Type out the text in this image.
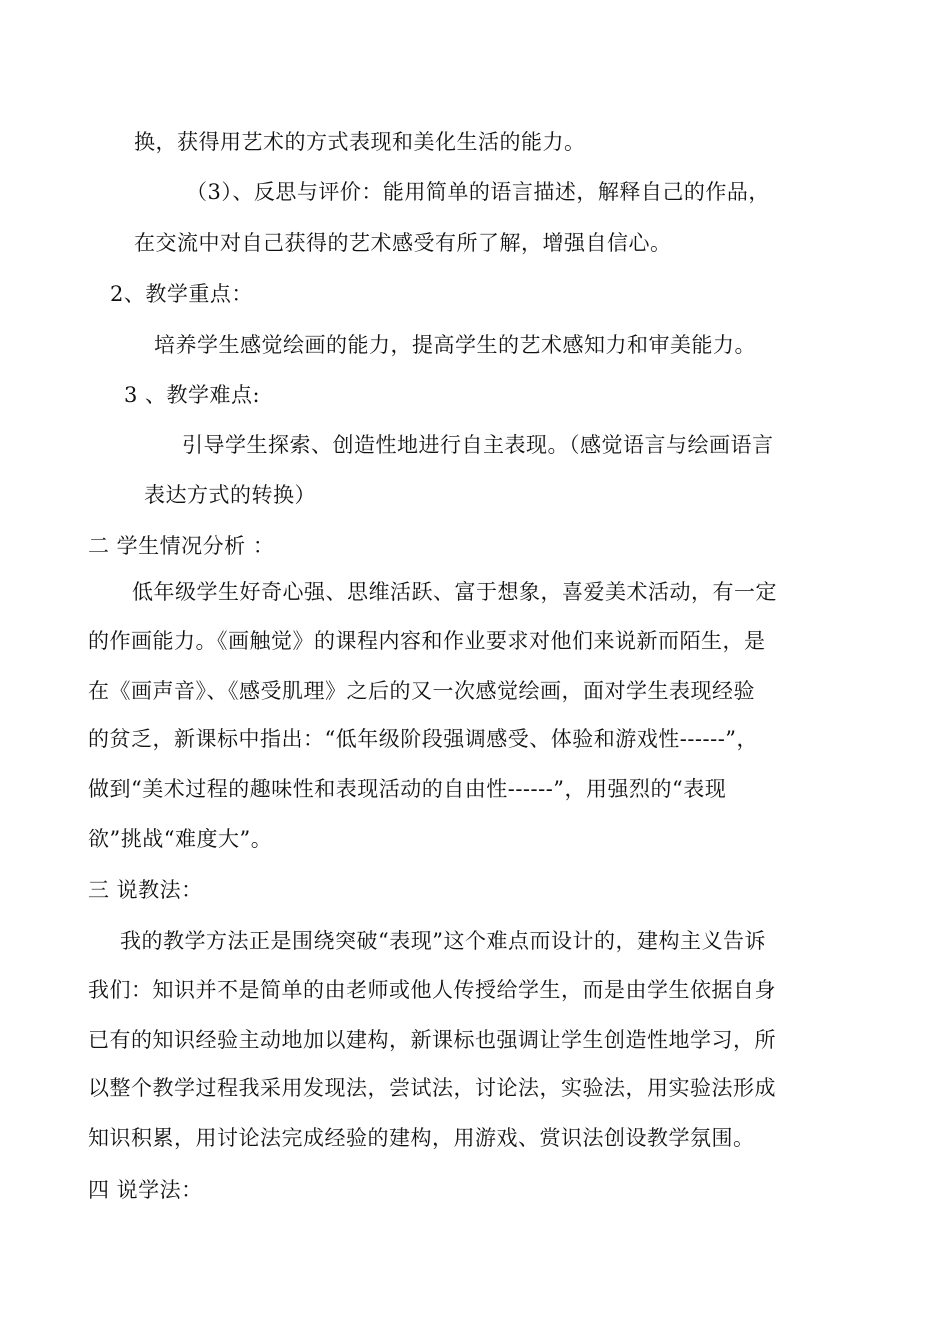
换，获得用艺术的方式表现和美化生活的能力。
（3）、反思与评价：能用简单的语言描述，解释自己的作品，
在交流中对自己获得的艺术感受有所了解，增强自信心。
2、教学重点：
培养学生感觉绘画的能力，提高学生的艺术感知力和审美能力。
3 、教学难点:
引导学生探索、创造性地进行自主表现。（感觉语言与绘画语言
表达方式的转换）
二 学生情况分析 ：
低年级学生好奇心强、思维活跃、富于想象，喜爱美术活动，有一定
的作画能力。《画触觉》的课程内容和作业要求对他们来说新而陌生，是
在《画声音》、《感受肌理》之后的又一次感觉绘画，面对学生表现经验
的贫乏，新课标中指出：“低年级阶段强调感受、体验和游戏性------”，
做到“美术过程的趣味性和表现活动的自由性------”，用强烈的“表现
欲”挑战“难度大”。
三 说教法：
我的教学方法正是围绕突破“表现”这个难点而设计的，建构主义告诉
我们：知识并不是简单的由老师或他人传授给学生，而是由学生依据自身
已有的知识经验主动地加以建构，新课标也强调让学生创造性地学习，所
以整个教学过程我采用发现法，尝试法，讨论法，实验法，用实验法形成
知识积累，用讨论法完成经验的建构，用游戏、赏识法创设教学氛围。
四 说学法：
